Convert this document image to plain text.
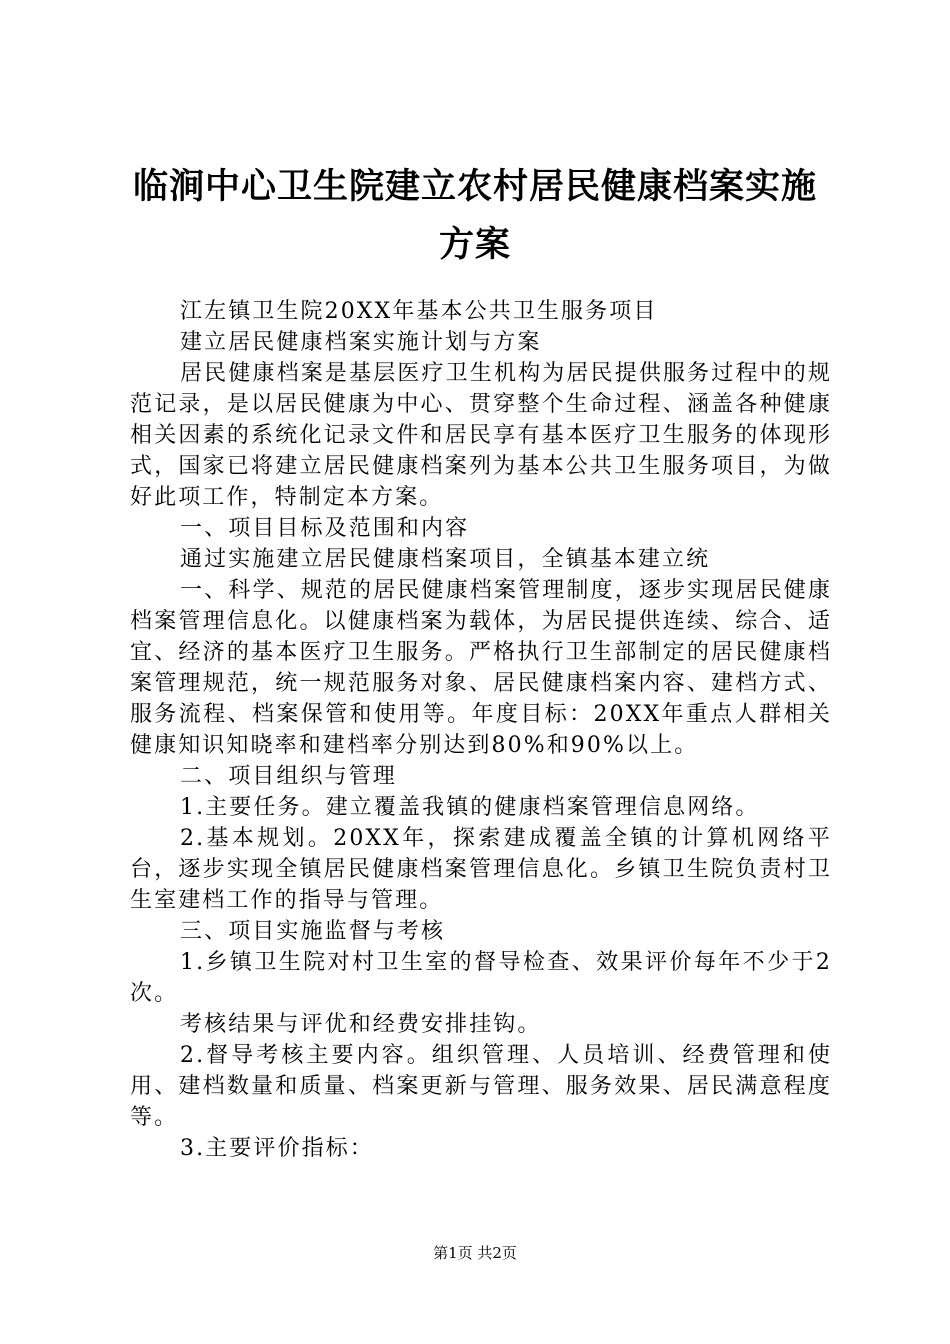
临涧中心卫生院建立农村居民健康档案实施方案

江左镇卫生院20XX年基本公共卫生服务项目

建立居民健康档案实施计划与方案

居民健康档案是基层医疗卫生机构为居民提供服务过程中的规范记录，是以居民健康为中心、贯穿整个生命过程、涵盖各种健康相关因素的系统化记录文件和居民享有基本医疗卫生服务的体现形式，国家已将建立居民健康档案列为基本公共卫生服务项目，为做好此项工作，特制定本方案。

一、项目目标及范围和内容

通过实施建立居民健康档案项目，全镇基本建立统

一、科学、规范的居民健康档案管理制度，逐步实现居民健康档案管理信息化。以健康档案为载体，为居民提供连续、综合、适宜、经济的基本医疗卫生服务。严格执行卫生部制定的居民健康档案管理规范，统一规范服务对象、居民健康档案内容、建档方式、服务流程、档案保管和使用等。年度目标：20XX年重点人群相关健康知识知晓率和建档率分别达到80%和90%以上。

二、项目组织与管理

1.主要任务。建立覆盖我镇的健康档案管理信息网络。

2.基本规划。20XX年，探索建成覆盖全镇的计算机网络平台，逐步实现全镇居民健康档案管理信息化。乡镇卫生院负责村卫生室建档工作的指导与管理。

三、项目实施监督与考核

1.乡镇卫生院对村卫生室的督导检查、效果评价每年不少于2次。

考核结果与评优和经费安排挂钩。

2.督导考核主要内容。组织管理、人员培训、经费管理和使用、建档数量和质量、档案更新与管理、服务效果、居民满意程度等。

3.主要评价指标：

第1页 共2页
